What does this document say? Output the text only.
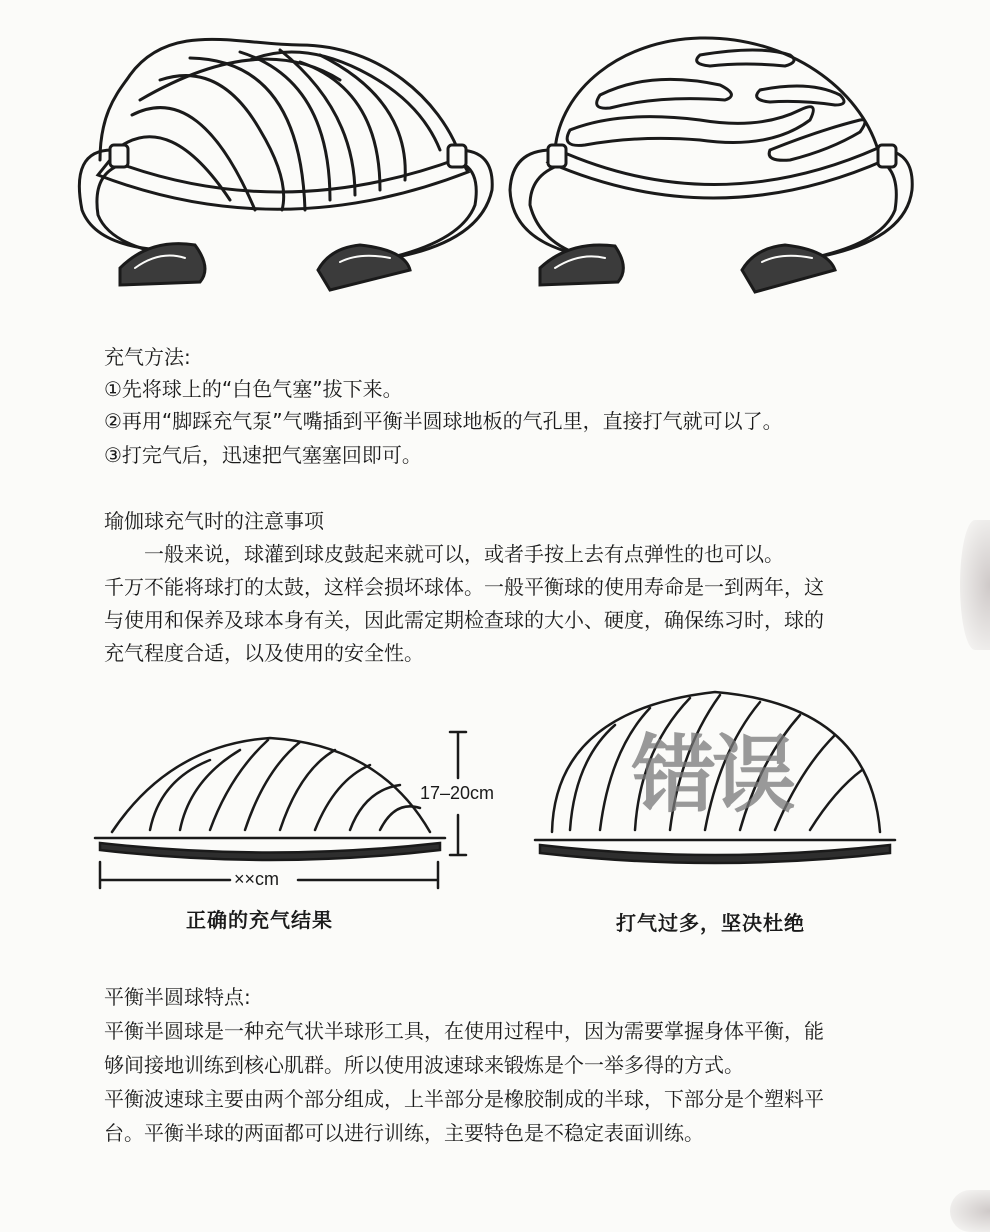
充气方法:
①先将球上的“白色气塞”拔下来。
②再用“脚踩充气泵”气嘴插到平衡半圆球地板的气孔里，直接打气就可以了。
③打完气后，迅速把气塞塞回即可。
瑜伽球充气时的注意事项
　　一般来说，球灌到球皮鼓起来就可以，或者手按上去有点弹性的也可以。
千万不能将球打的太鼓，这样会损坏球体。一般平衡球的使用寿命是一到两年，这
与使用和保养及球本身有关，因此需定期检查球的大小、硬度，确保练习时，球的
充气程度合适，以及使用的安全性。
17–20cm
××cm
错误
正确的充气结果	打气过多，坚决杜绝
平衡半圆球特点:
平衡半圆球是一种充气状半球形工具，在使用过程中，因为需要掌握身体平衡，能
够间接地训练到核心肌群。所以使用波速球来锻炼是个一举多得的方式。
平衡波速球主要由两个部分组成，上半部分是橡胶制成的半球，下部分是个塑料平
台。平衡半球的两面都可以进行训练，主要特色是不稳定表面训练。
